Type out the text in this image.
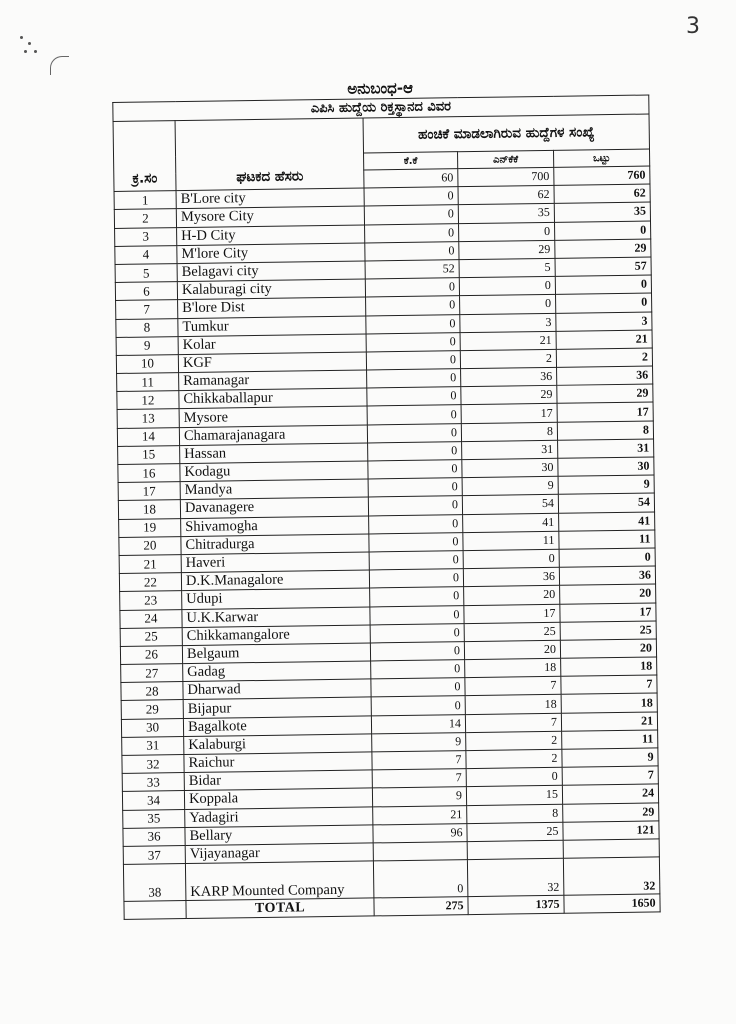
3
ಅನುಬಂಧ-ಆ
ಎಪಿಸಿ ಹುದ್ದೆಯ ರಿಕ್ತಸ್ಥಾನದ ವಿವರ				
ಕ್ರ.ಸಂ	ಘಟಕದ ಹೆಸರು	ಹಂಚಿಕೆ ಮಾಡಲಾಗಿರುವ ಹುದ್ದೆಗಳ ಸಂಖ್ಯೆ		
		ಕೆ.ಕೆ	ಎನ್‌ಕೆಕೆ	ಒಟ್ಟು
		60	700	760
1	B'Lore city	0	62	62
2	Mysore City	0	35	35
3	H-D City	0	0	0
4	M'lore City	0	29	29
5	Belagavi city	52	5	57
6	Kalaburagi city	0	0	0
7	B'lore Dist	0	0	0
8	Tumkur	0	3	3
9	Kolar	0	21	21
10	KGF	0	2	2
11	Ramanagar	0	36	36
12	Chikkaballapur	0	29	29
13	Mysore	0	17	17
14	Chamarajanagara	0	8	8
15	Hassan	0	31	31
16	Kodagu	0	30	30
17	Mandya	0	9	9
18	Davanagere	0	54	54
19	Shivamogha	0	41	41
20	Chitradurga	0	11	11
21	Haveri	0	0	0
22	D.K.Managalore	0	36	36
23	Udupi	0	20	20
24	U.K.Karwar	0	17	17
25	Chikkamangalore	0	25	25
26	Belgaum	0	20	20
27	Gadag	0	18	18
28	Dharwad	0	7	7
29	Bijapur	0	18	18
30	Bagalkote	14	7	21
31	Kalaburgi	9	2	11
32	Raichur	7	2	9
33	Bidar	7	0	7
34	Koppala	9	15	24
35	Yadagiri	21	8	29
36	Bellary	96	25	121
37	Vijayanagar			
38	KARP Mounted Company	0	32	32
	TOTAL	275	1375	1650
